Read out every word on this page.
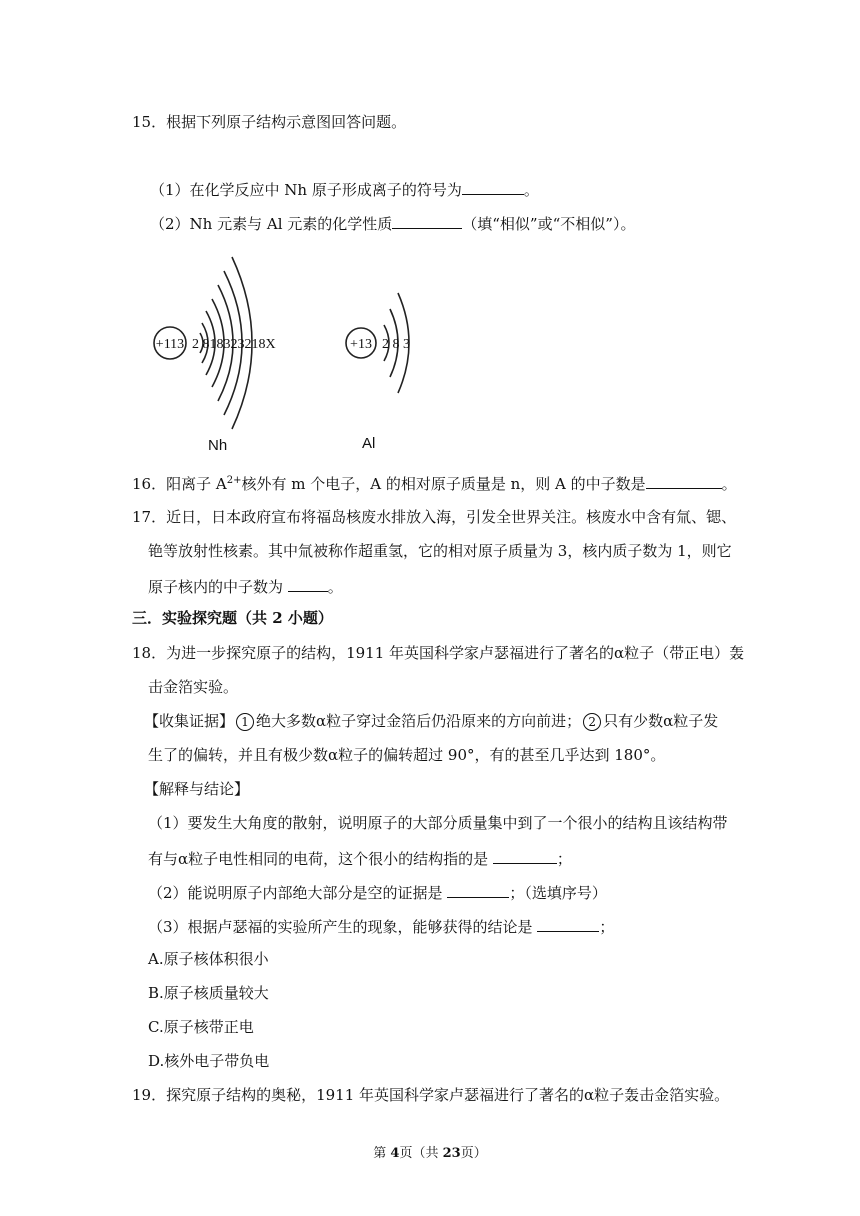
15．根据下列原子结构示意图回答问题。
（1）在化学反应中 Nh 原子形成离子的符号为	。
（2）Nh 元素与 Al 元素的化学性质	（填“相似”或“不相似”）。
+113 2 818323218X
Nh
+13 2 8 3
Al
16．阳离子 $A^{2+}$核外有 m 个电子，A 的相对原子质量是 n，则 A 的中子数是	。
17．近日，日本政府宣布将福岛核废水排放入海，引发全世界关注。核废水中含有氚、锶、
铯等放射性核素。其中氚被称作超重氢，它的相对原子质量为 3，核内质子数为 1，则它
原子核内的中子数为	。
三．实验探究题（共 2 小题）
18．为进一步探究原子的结构，1911 年英国科学家卢瑟福进行了著名的α粒子（带正电）轰
击金箔实验。
【收集证据】 1 绝大多数α粒子穿过金箔后仍沿原来的方向前进； 2 只有少数α粒子发
生了的偏转，并且有极少数α粒子的偏转超过 90°，有的甚至几乎达到 180°。
【解释与结论】
（1）要发生大角度的散射，说明原子的大部分质量集中到了一个很小的结构且该结构带
有与α粒子电性相同的电荷，这个很小的结构指的是	；
（2）能说明原子内部绝大部分是空的证据是	；（选填序号）
（3）根据卢瑟福的实验所产生的现象，能够获得的结论是	；
A.原子核体积很小
B.原子核质量较大
C.原子核带正电
D.核外电子带负电
19．探究原子结构的奥秘，1911 年英国科学家卢瑟福进行了著名的α粒子轰击金箔实验。
第 4页（共 23页）
